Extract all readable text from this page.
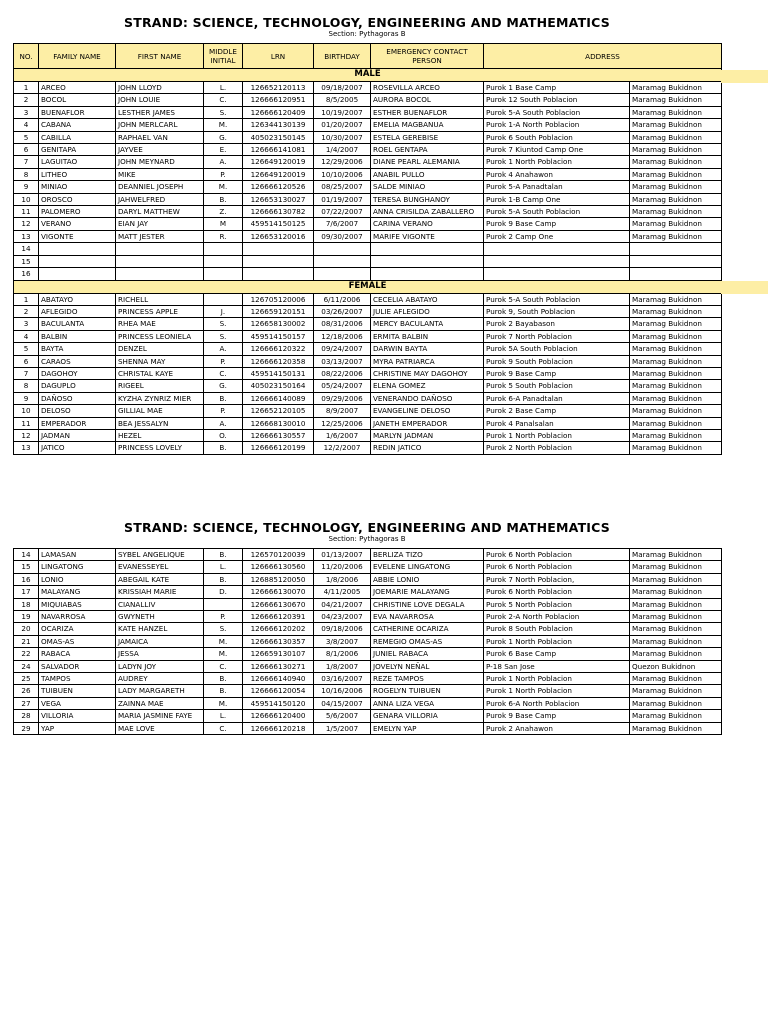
STRAND: SCIENCE, TECHNOLOGY, ENGINEERING AND MATHEMATICS
Section: Pythagoras B
NO.	FAMILY NAME	FIRST NAME	MIDDLE INITIAL	LRN	BIRTHDAY	EMERGENCY CONTACT PERSON	ADDRESS	
MALE								
1	ARCEO	JOHN LLOYD	L.	126652120113	09/18/2007	ROSEVILLA ARCEO	Purok 1 Base Camp	Maramag Bukidnon
2	BOCOL	JOHN LOUIE	C.	126666120951	8/5/2005	AURORA BOCOL	Purok 12 South Poblacion	Maramag Bukidnon
3	BUENAFLOR	LESTHER JAMES	S.	126666120409	10/19/2007	ESTHER BUENAFLOR	Purok 5-A South Poblacion	Maramag Bukidnon
4	CABANA	JOHN MERLCARL	M.	126344130139	01/20/2007	EMELIA MAGBANUA	Purok 1-A North Poblacion	Maramag Bukidnon
5	CABILLA	RAPHAEL VAN	G.	405023150145	10/30/2007	ESTELA GEREBISE	Purok 6 South Poblacion	Maramag Bukidnon
6	GENITAPA	JAYVEE	E.	126666141081	1/4/2007	ROEL GENTAPA	Purok 7 Kiuntod Camp One	Maramag Bukidnon
7	LAGUITAO	JOHN MEYNARD	A.	126649120019	12/29/2006	DIANE PEARL ALEMANIA	Purok 1 North Poblacion	Maramag Bukidnon
8	LITHEO	MIKE	P.	126649120019	10/10/2006	ANABIL PULLO	Purok 4 Anahawon	Maramag Bukidnon
9	MINIAO	DEANNIEL JOSEPH	M.	126666120526	08/25/2007	SALDE MINIAO	Purok 5-A Panadtalan	Maramag Bukidnon
10	OROSCO	JAHWELFRED	B.	126653130027	01/19/2007	TERESA BUNGHANOY	Purok 1-B Camp One	Maramag Bukidnon
11	PALOMERO	DARYL MATTHEW	Z.	126666130782	07/22/2007	ANNA CRISILDA ZABALLERO	Purok 5-A South Poblacion	Maramag Bukidnon
12	VERANO	EIAN JAY	M	459514150125	7/6/2007	CARINA VERANO	Purok 9 Base Camp	Maramag Bukidnon
13	VIGONTE	MATT JESTER	R.	126653120016	09/30/2007	MARIFE VIGONTE	Purok 2 Camp One	Maramag Bukidnon
14								
15								
16								
FEMALE								
1	ABATAYO	RICHELL		126705120006	6/11/2006	CECELIA ABATAYO	Purok 5-A South Poblacion	Maramag Bukidnon
2	AFLEGIDO	PRINCESS APPLE	J.	126659120151	03/26/2007	JULIE AFLEGIDO	Purok 9, South Poblacion	Maramag Bukidnon
3	BACULANTA	RHEA MAE	S.	126658130002	08/31/2006	MERCY BACULANTA	Purok 2 Bayabason	Maramag Bukidnon
4	BALBIN	PRINCESS LEONIELA	S.	459514150157	12/18/2006	ERMITA BALBIN	Purok 7 North Poblacion	Maramag Bukidnon
5	BAYTA	DENZEL	A.	126666120322	09/24/2007	DARWIN BAYTA	Purok 5A South Poblacion	Maramag Bukidnon
6	CARAOS	SHENNA MAY	P.	126666120358	03/13/2007	MYRA PATRIARCA	Purok 9 South Poblacion	Maramag Bukidnon
7	DAGOHOY	CHRISTAL KAYE	C.	459514150131	08/22/2006	CHRISTINE MAY DAGOHOY	Purok 9 Base Camp	Maramag Bukidnon
8	DAGUPLO	RIGEEL	G.	405023150164	05/24/2007	ELENA GOMEZ	Purok 5 South Poblacion	Maramag Bukidnon
9	DAÑOSO	KYZHA ZYNRIZ MIER	B.	126666140089	09/29/2006	VENERANDO DAÑOSO	Purok 6-A Panadtalan	Maramag Bukidnon
10	DELOSO	GILLIAL MAE	P.	126652120105	8/9/2007	EVANGELINE DELOSO	Purok 2 Base Camp	Maramag Bukidnon
11	EMPERADOR	BEA JESSALYN	A.	126668130010	12/25/2006	JANETH EMPERADOR	Purok 4 Panalsalan	Maramag Bukidnon
12	JADMAN	HEZEL	O.	126666130557	1/6/2007	MARLYN JADMAN	Purok 1 North Poblacion	Maramag Bukidnon
13	JATICO	PRINCESS LOVELY	B.	126666120199	12/2/2007	REDIN JATICO	Purok 2 North Poblacion	Maramag Bukidnon
STRAND: SCIENCE, TECHNOLOGY, ENGINEERING AND MATHEMATICS
Section: Pythagoras B
14	LAMASAN	SYBEL ANGELIQUE	B.	126570120039	01/13/2007	BERLIZA TIZO	Purok 6 North Poblacion	Maramag Bukidnon
15	LINGATONG	EVANESSEYEL	L.	126666130560	11/20/2006	EVELENE LINGATONG	Purok 6 North Poblacion	Maramag Bukidnon
16	LONIO	ABEGAIL KATE	B.	126885120050	1/8/2006	ABBIE LONIO	Purok 7 North Poblacion,	Maramag Bukidnon
17	MALAYANG	KRISSIAH MARIE	D.	126666130070	4/11/2005	JOEMARIE MALAYANG	Purok 6 North Poblacion	Maramag Bukidnon
18	MIQUIABAS	CIANALLIV		126666130670	04/21/2007	CHRISTINE LOVE DEGALA	Purok 5 North Poblacion	Maramag Bukidnon
19	NAVARROSA	GWYNETH	P.	126666120391	04/23/2007	EVA NAVARROSA	Purok 2-A North Poblacion	Maramag Bukidnon
20	OCARIZA	KATE HANZEL	S.	126666120202	09/18/2006	CATHERINE OCARIZA	Purok 8 South Poblacion	Maramag Bukidnon
21	OMAS-AS	JAMAICA	M.	126666130357	3/8/2007	REMEGIO OMAS-AS	Purok 1 North Poblacion	Maramag Bukidnon
22	RABACA	JESSA	M.	126659130107	8/1/2006	JUNIEL RABACA	Purok 6 Base Camp	Maramag Bukidnon
24	SALVADOR	LADYN JOY	C.	126666130271	1/8/2007	JOVELYN NEÑAL	P-18 San Jose	Quezon Bukidnon
25	TAMPOS	AUDREY	B.	126666140940	03/16/2007	REZE TAMPOS	Purok 1 North Poblacion	Maramag Bukidnon
26	TUIBUEN	LADY MARGARETH	B.	126666120054	10/16/2006	ROGELYN TUIBUEN	Purok 1 North Poblacion	Maramag Bukidnon
27	VEGA	ZAINNA MAE	M.	459514150120	04/15/2007	ANNA LIZA VEGA	Purok 6-A North Poblacion	Maramag Bukidnon
28	VILLORIA	MARIA JASMINE FAYE	L.	126666120400	5/6/2007	GENARA VILLORIA	Purok 9 Base Camp	Maramag Bukidnon
29	YAP	MAE LOVE	C.	126666120218	1/5/2007	EMELYN YAP	Purok 2 Anahawon	Maramag Bukidnon
